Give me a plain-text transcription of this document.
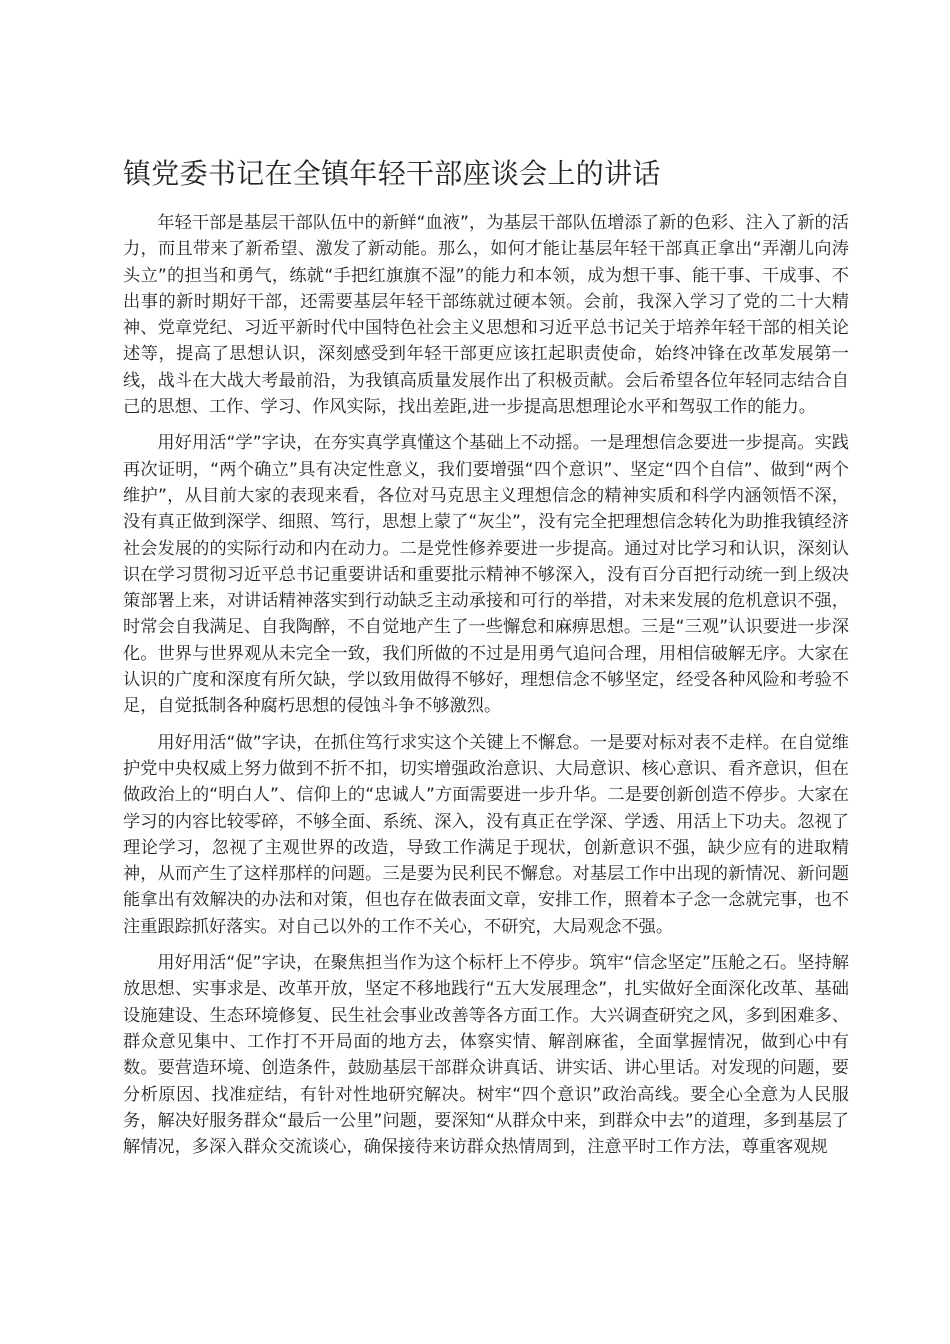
镇党委书记在全镇年轻干部座谈会上的讲话

年轻干部是基层干部队伍中的新鲜“血液”，为基层干部队伍增添了新的色彩、注入了新的活力，而且带来了新希望、激发了新动能。那么，如何才能让基层年轻干部真正拿出“弄潮儿向涛头立”的担当和勇气，练就“手把红旗旗不湿”的能力和本领，成为想干事、能干事、干成事、不出事的新时期好干部，还需要基层年轻干部练就过硬本领。会前，我深入学习了党的二十大精神、党章党纪、习近平新时代中国特色社会主义思想和习近平总书记关于培养年轻干部的相关论述等，提高了思想认识，深刻感受到年轻干部更应该扛起职责使命，始终冲锋在改革发展第一线，战斗在大战大考最前沿，为我镇高质量发展作出了积极贡献。会后希望各位年轻同志结合自己的思想、工作、学习、作风实际，找出差距,进一步提高思想理论水平和驾驭工作的能力。

用好用活“学”字诀，在夯实真学真懂这个基础上不动摇。一是理想信念要进一步提高。实践再次证明，“两个确立”具有决定性意义，我们要增强“四个意识”、坚定“四个自信”、做到“两个维护”，从目前大家的表现来看，各位对马克思主义理想信念的精神实质和科学内涵领悟不深，没有真正做到深学、细照、笃行，思想上蒙了“灰尘”，没有完全把理想信念转化为助推我镇经济社会发展的的实际行动和内在动力。二是党性修养要进一步提高。通过对比学习和认识，深刻认识在学习贯彻习近平总书记重要讲话和重要批示精神不够深入，没有百分百把行动统一到上级决策部署上来，对讲话精神落实到行动缺乏主动承接和可行的举措，对未来发展的危机意识不强，时常会自我满足、自我陶醉，不自觉地产生了一些懈怠和麻痹思想。三是“三观”认识要进一步深化。世界与世界观从未完全一致，我们所做的不过是用勇气追问合理，用相信破解无序。大家在认识的广度和深度有所欠缺，学以致用做得不够好，理想信念不够坚定，经受各种风险和考验不足，自觉抵制各种腐朽思想的侵蚀斗争不够激烈。

用好用活“做”字诀，在抓住笃行求实这个关键上不懈怠。一是要对标对表不走样。在自觉维护党中央权威上努力做到不折不扣，切实增强政治意识、大局意识、核心意识、看齐意识，但在做政治上的“明白人”、信仰上的“忠诚人”方面需要进一步升华。二是要创新创造不停步。大家在学习的内容比较零碎，不够全面、系统、深入，没有真正在学深、学透、用活上下功夫。忽视了理论学习，忽视了主观世界的改造，导致工作满足于现状，创新意识不强，缺少应有的进取精神，从而产生了这样那样的问题。三是要为民利民不懈怠。对基层工作中出现的新情况、新问题能拿出有效解决的办法和对策，但也存在做表面文章，安排工作，照着本子念一念就完事，也不注重跟踪抓好落实。对自己以外的工作不关心，不研究，大局观念不强。

用好用活“促”字诀，在聚焦担当作为这个标杆上不停步。筑牢“信念坚定”压舱之石。坚持解放思想、实事求是、改革开放，坚定不移地践行“五大发展理念”，扎实做好全面深化改革、基础设施建设、生态环境修复、民生社会事业改善等各方面工作。大兴调查研究之风，多到困难多、群众意见集中、工作打不开局面的地方去，体察实情、解剖麻雀，全面掌握情况，做到心中有数。要营造环境、创造条件，鼓励基层干部群众讲真话、讲实话、讲心里话。对发现的问题，要分析原因、找准症结，有针对性地研究解决。树牢“四个意识”政治高线。要全心全意为人民服务，解决好服务群众“最后一公里”问题，要深知“从群众中来，到群众中去”的道理，多到基层了解情况，多深入群众交流谈心，确保接待来访群众热情周到，注意平时工作方法，尊重客观规
